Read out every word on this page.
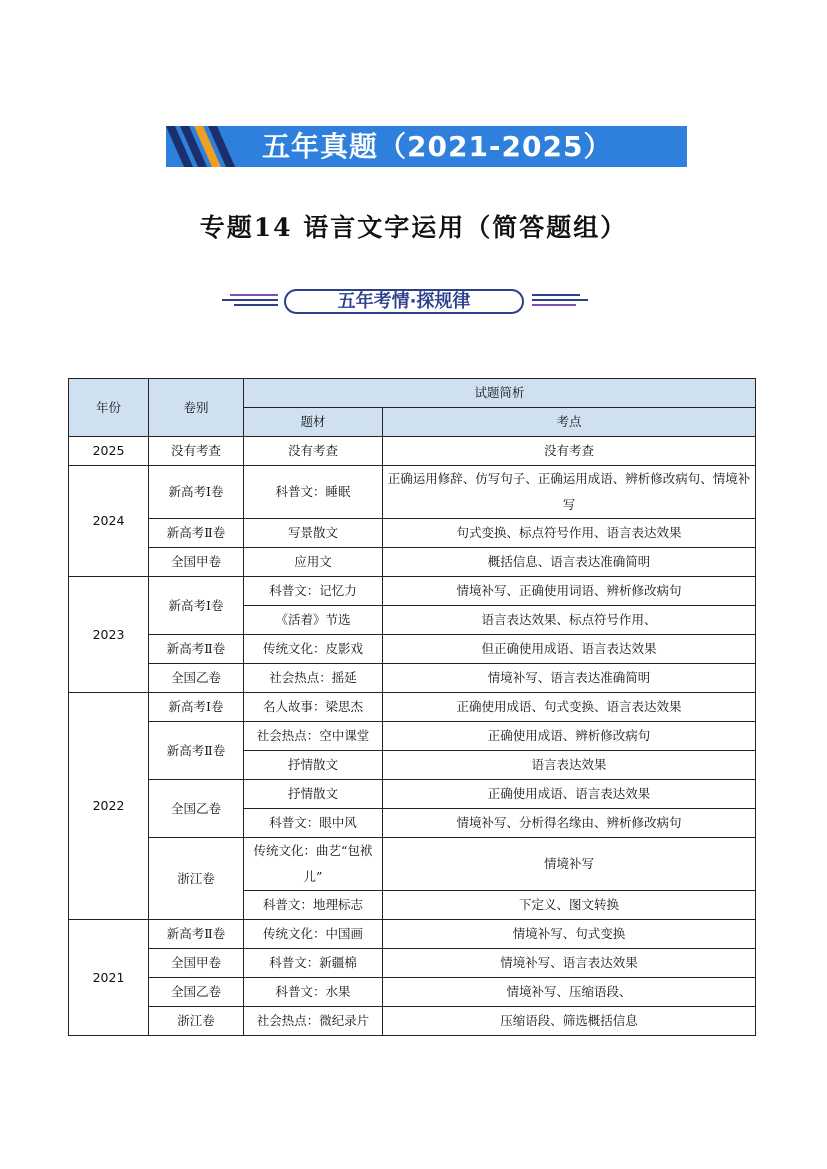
五年真题（2021-2025）
专题14 语言文字运用（简答题组）
五年考情·探规律
年份	卷别	试题简析	
		题材	考点
2025	没有考查	没有考查	没有考查
2024	新高考Ⅰ卷	科普文：睡眠	正确运用修辞、仿写句子、正确运用成语、辨析修改病句、情境补写
	新高考Ⅱ卷	写景散文	句式变换、标点符号作用、语言表达效果
	全国甲卷	应用文	概括信息、语言表达准确简明
2023	新高考Ⅰ卷	科普文：记忆力	情境补写、正确使用词语、辨析修改病句
		《活着》节选	语言表达效果、标点符号作用、
	新高考Ⅱ卷	传统文化：皮影戏	但正确使用成语、语言表达效果
	全国乙卷	社会热点：摇延	情境补写、语言表达准确简明
2022	新高考Ⅰ卷	名人故事：梁思杰	正确使用成语、句式变换、语言表达效果
	新高考Ⅱ卷	社会热点：空中课堂	正确使用成语、辨析修改病句
		抒情散文	语言表达效果
	全国乙卷	抒情散文	正确使用成语、语言表达效果
		科普文：眼中风	情境补写、分析得名缘由、辨析修改病句
	浙江卷	传统文化：曲艺“包袱儿”	情境补写
		科普文：地理标志	下定义、图文转换
2021	新高考Ⅱ卷	传统文化：中国画	情境补写、句式变换
	全国甲卷	科普文：新疆棉	情境补写、语言表达效果
	全国乙卷	科普文：水果	情境补写、压缩语段、
	浙江卷	社会热点：微纪录片	压缩语段、筛选概括信息
